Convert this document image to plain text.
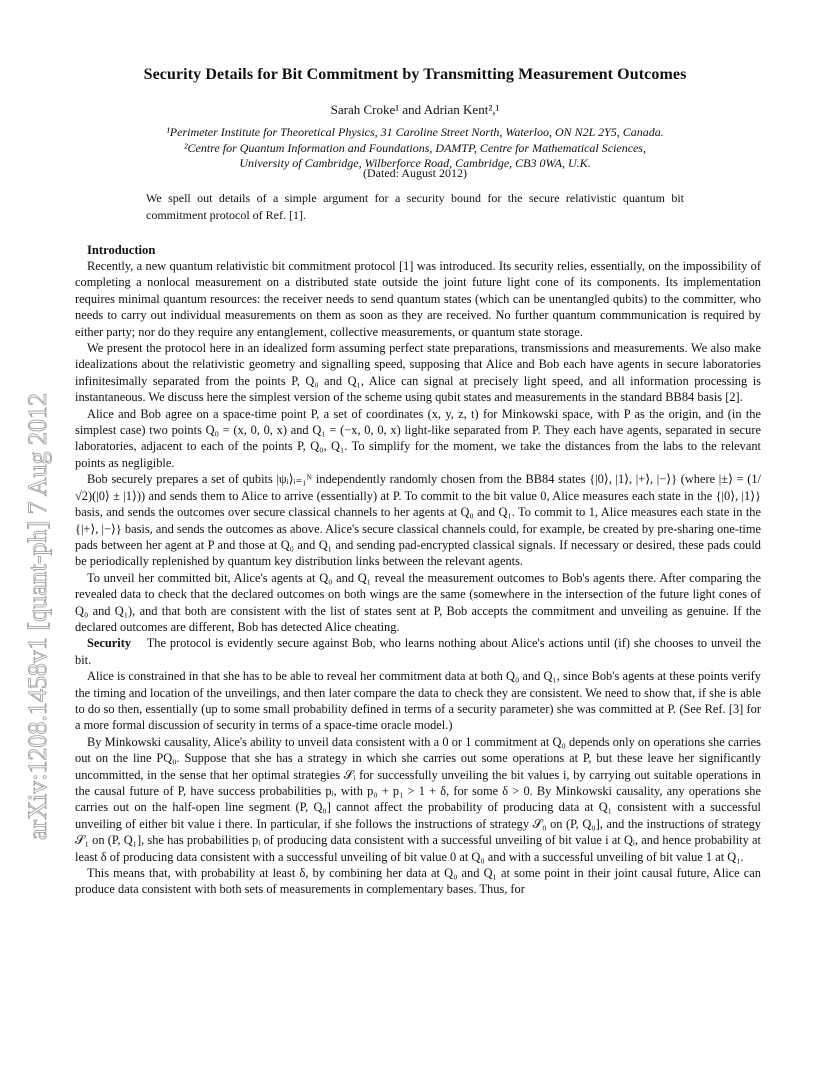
arXiv:1208.1458v1 [quant-ph] 7 Aug 2012
Security Details for Bit Commitment by Transmitting Measurement Outcomes
Sarah Croke¹ and Adrian Kent²,¹
¹Perimeter Institute for Theoretical Physics, 31 Caroline Street North, Waterloo, ON N2L 2Y5, Canada.
²Centre for Quantum Information and Foundations, DAMTP, Centre for Mathematical Sciences,
University of Cambridge, Wilberforce Road, Cambridge, CB3 0WA, U.K.
(Dated: August 2012)
We spell out details of a simple argument for a security bound for the secure relativistic quantum bit commitment protocol of Ref. [1].
Introduction

Recently, a new quantum relativistic bit commitment protocol [1] was introduced. Its security relies, essentially, on the impossibility of completing a nonlocal measurement on a distributed state outside the joint future light cone of its components. Its implementation requires minimal quantum resources: the receiver needs to send quantum states (which can be unentangled qubits) to the committer, who needs to carry out individual measurements on them as soon as they are received. No further quantum commmunication is required by either party; nor do they require any entanglement, collective measurements, or quantum state storage.

We present the protocol here in an idealized form assuming perfect state preparations, transmissions and measurements. We also make idealizations about the relativistic geometry and signalling speed, supposing that Alice and Bob each have agents in secure laboratories infinitesimally separated from the points P, Q₀ and Q₁, Alice can signal at precisely light speed, and all information processing is instantaneous. We discuss here the simplest version of the scheme using qubit states and measurements in the standard BB84 basis [2].

Alice and Bob agree on a space-time point P, a set of coordinates (x, y, z, t) for Minkowski space, with P as the origin, and (in the simplest case) two points Q₀ = (x, 0, 0, x) and Q₁ = (−x, 0, 0, x) light-like separated from P. They each have agents, separated in secure laboratories, adjacent to each of the points P, Q₀, Q₁. To simplify for the moment, we take the distances from the labs to the relevant points as negligible.

Bob securely prepares a set of qubits |ψᵢ⟩ᵢ₌₁ᴺ independently randomly chosen from the BB84 states {|0⟩, |1⟩, |+⟩, |−⟩} (where |±⟩ = (1/√2)(|0⟩ ± |1⟩)) and sends them to Alice to arrive (essentially) at P. To commit to the bit value 0, Alice measures each state in the {|0⟩, |1⟩} basis, and sends the outcomes over secure classical channels to her agents at Q₀ and Q₁. To commit to 1, Alice measures each state in the {|+⟩, |−⟩} basis, and sends the outcomes as above. Alice's secure classical channels could, for example, be created by pre-sharing one-time pads between her agent at P and those at Q₀ and Q₁ and sending pad-encrypted classical signals. If necessary or desired, these pads could be periodically replenished by quantum key distribution links between the relevant agents.

To unveil her committed bit, Alice's agents at Q₀ and Q₁ reveal the measurement outcomes to Bob's agents there. After comparing the revealed data to check that the declared outcomes on both wings are the same (somewhere in the intersection of the future light cones of Q₀ and Q₁), and that both are consistent with the list of states sent at P, Bob accepts the commitment and unveiling as genuine. If the declared outcomes are different, Bob has detected Alice cheating.

Security The protocol is evidently secure against Bob, who learns nothing about Alice's actions until (if) she chooses to unveil the bit.

Alice is constrained in that she has to be able to reveal her commitment data at both Q₀ and Q₁, since Bob's agents at these points verify the timing and location of the unveilings, and then later compare the data to check they are consistent. We need to show that, if she is able to do so then, essentially (up to some small probability defined in terms of a security parameter) she was committed at P. (See Ref. [3] for a more formal discussion of security in terms of a space-time oracle model.)

By Minkowski causality, Alice's ability to unveil data consistent with a 0 or 1 commitment at Q₀ depends only on operations she carries out on the line PQ₀. Suppose that she has a strategy in which she carries out some operations at P, but these leave her significantly uncommitted, in the sense that her optimal strategies 𝒮ᵢ for successfully unveiling the bit values i, by carrying out suitable operations in the causal future of P, have success probabilities pᵢ, with p₀ + p₁ > 1 + δ, for some δ > 0. By Minkowski causality, any operations she carries out on the half-open line segment (P, Q₀] cannot affect the probability of producing data at Q₁ consistent with a successful unveiling of either bit value i there. In particular, if she follows the instructions of strategy 𝒮₀ on (P, Q₀], and the instructions of strategy 𝒮₁ on (P, Q₁], she has probabilities pᵢ of producing data consistent with a successful unveiling of bit value i at Qᵢ, and hence probability at least δ of producing data consistent with a successful unveiling of bit value 0 at Q₀ and with a successful unveiling of bit value 1 at Q₁.

This means that, with probability at least δ, by combining her data at Q₀ and Q₁ at some point in their joint causal future, Alice can produce data consistent with both sets of measurements in complementary bases. Thus, for
